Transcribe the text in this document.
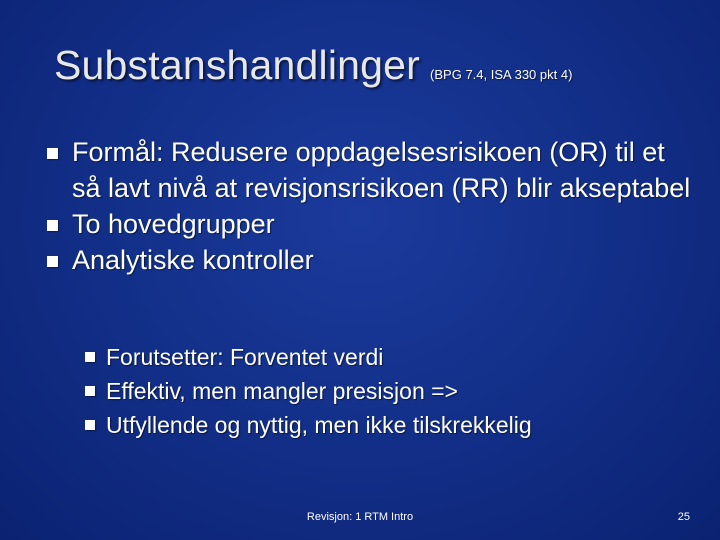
Substanshandlinger (BPG 7.4, ISA 330 pkt 4)
Formål: Redusere oppdagelsesrisikoen (OR) til et så lavt nivå at revisjonsrisikoen (RR) blir akseptabel
To hovedgrupper
Analytiske kontroller
Forutsetter: Forventet verdi
Effektiv, men mangler presisjon =>
Utfyllende og nyttig, men ikke tilskrekkelig
Revisjon: 1 RTM Intro	25
